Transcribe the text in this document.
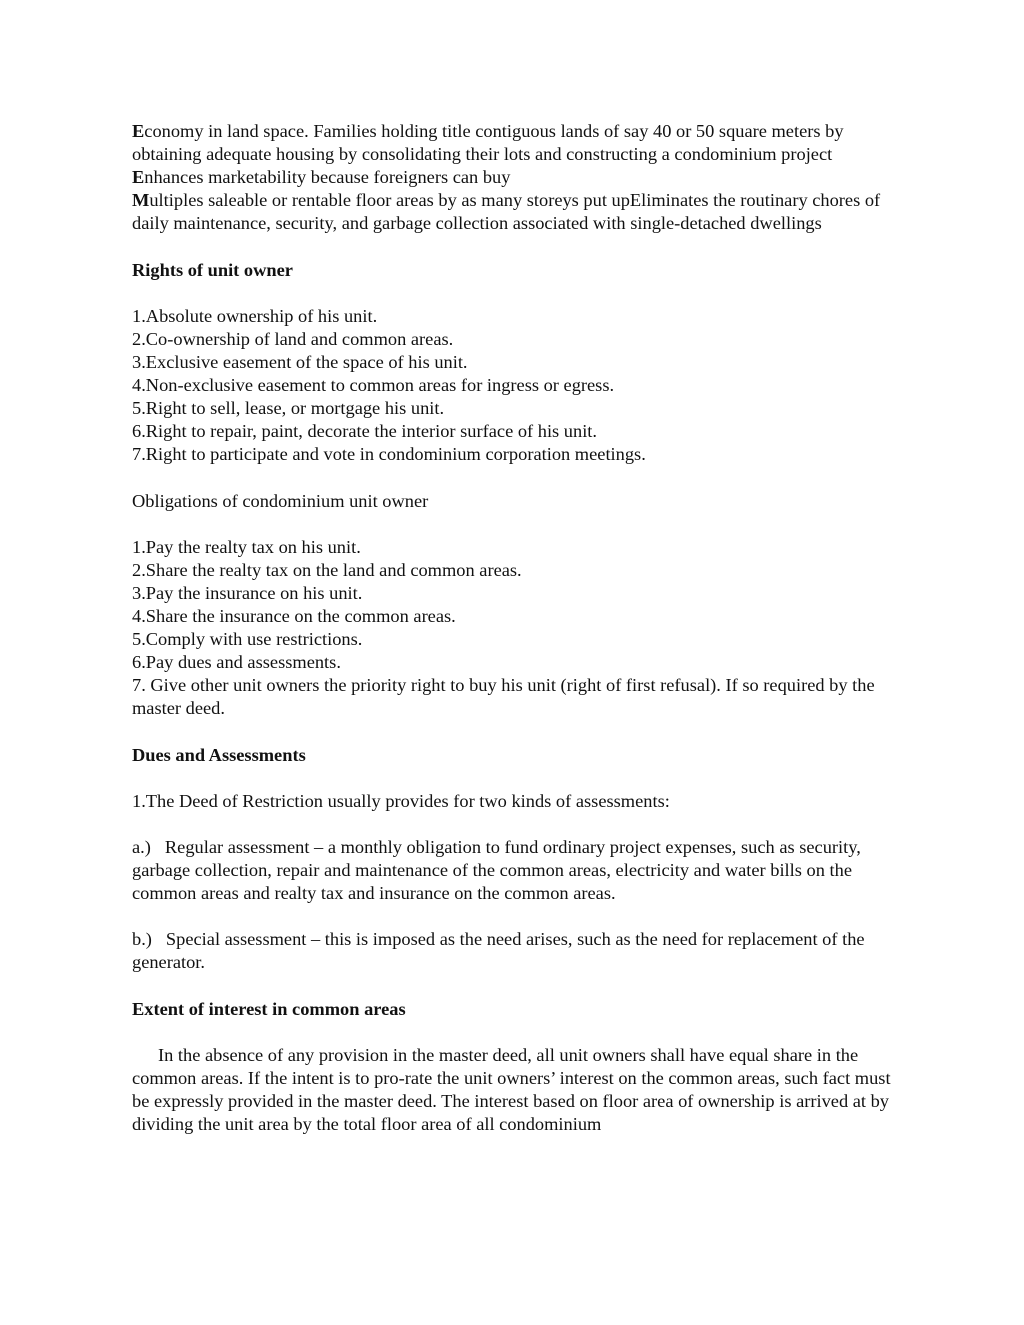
Economy in land space. Families holding title contiguous lands of say 40 or 50 square meters by obtaining adequate housing by consolidating their lots and constructing a condominium project

Enhances marketability because foreigners can buy

Multiples saleable or rentable floor areas by as many storeys put upEliminates the routinary chores of daily maintenance, security, and garbage collection associated with single-detached dwellings

Rights of unit owner

1.Absolute ownership of his unit.

2.Co-ownership of land and common areas.

3.Exclusive easement of the space of his unit.

4.Non-exclusive easement to common areas for ingress or egress.

5.Right to sell, lease, or mortgage his unit.

6.Right to repair, paint, decorate the interior surface of his unit.

7.Right to participate and vote in condominium corporation meetings.

Obligations of condominium unit owner

1.Pay the realty tax on his unit.

2.Share the realty tax on the land and common areas.

3.Pay the insurance on his unit.

4.Share the insurance on the common areas.

5.Comply with use restrictions.

6.Pay dues and assessments.

7. Give other unit owners the priority right to buy his unit (right of first refusal). If so required by the master deed.

Dues and Assessments

1.The Deed of Restriction usually provides for two kinds of assessments:

a.) Regular assessment – a monthly obligation to fund ordinary project expenses, such as security, garbage collection, repair and maintenance of the common areas, electricity and water bills on the common areas and realty tax and insurance on the common areas.

b.) Special assessment – this is imposed as the need arises, such as the need for replacement of the generator.

Extent of interest in common areas

In the absence of any provision in the master deed, all unit owners shall have equal share in the common areas. If the intent is to pro-rate the unit owners’ interest on the common areas, such fact must be expressly provided in the master deed. The interest based on floor area of ownership is arrived at by dividing the unit area by the total floor area of all condominium
